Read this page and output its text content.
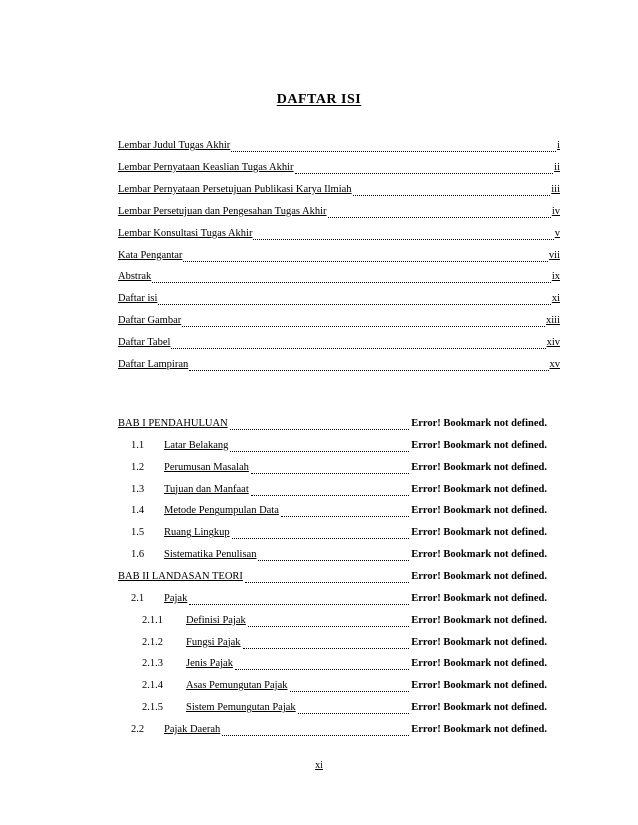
DAFTAR ISI
Lembar Judul Tugas Akhir	i
Lembar Pernyataan Keaslian Tugas Akhir	ii
Lembar Pernyataan Persetujuan Publikasi Karya Ilmiah	iii
Lembar Persetujuan dan Pengesahan Tugas Akhir	iv
Lembar Konsultasi Tugas Akhir	v
Kata Pengantar	vii
Abstrak	ix
Daftar isi	xi
Daftar Gambar	xiii
Daftar Tabel	xiv
Daftar Lampiran	xv
BAB I PENDAHULUAN	Error! Bookmark not defined.
1.1	Latar Belakang	Error! Bookmark not defined.
1.2	Perumusan Masalah	Error! Bookmark not defined.
1.3	Tujuan dan Manfaat	Error! Bookmark not defined.
1.4	Metode Pengumpulan Data	Error! Bookmark not defined.
1.5	Ruang Lingkup	Error! Bookmark not defined.
1.6	Sistematika Penulisan	Error! Bookmark not defined.
BAB II LANDASAN TEORI	Error! Bookmark not defined.
2.1	Pajak	Error! Bookmark not defined.
2.1.1	Definisi Pajak	Error! Bookmark not defined.
2.1.2	Fungsi Pajak	Error! Bookmark not defined.
2.1.3	Jenis Pajak	Error! Bookmark not defined.
2.1.4	Asas Pemungutan Pajak	Error! Bookmark not defined.
2.1.5	Sistem Pemungutan Pajak	Error! Bookmark not defined.
2.2	Pajak Daerah	Error! Bookmark not defined.
xi
